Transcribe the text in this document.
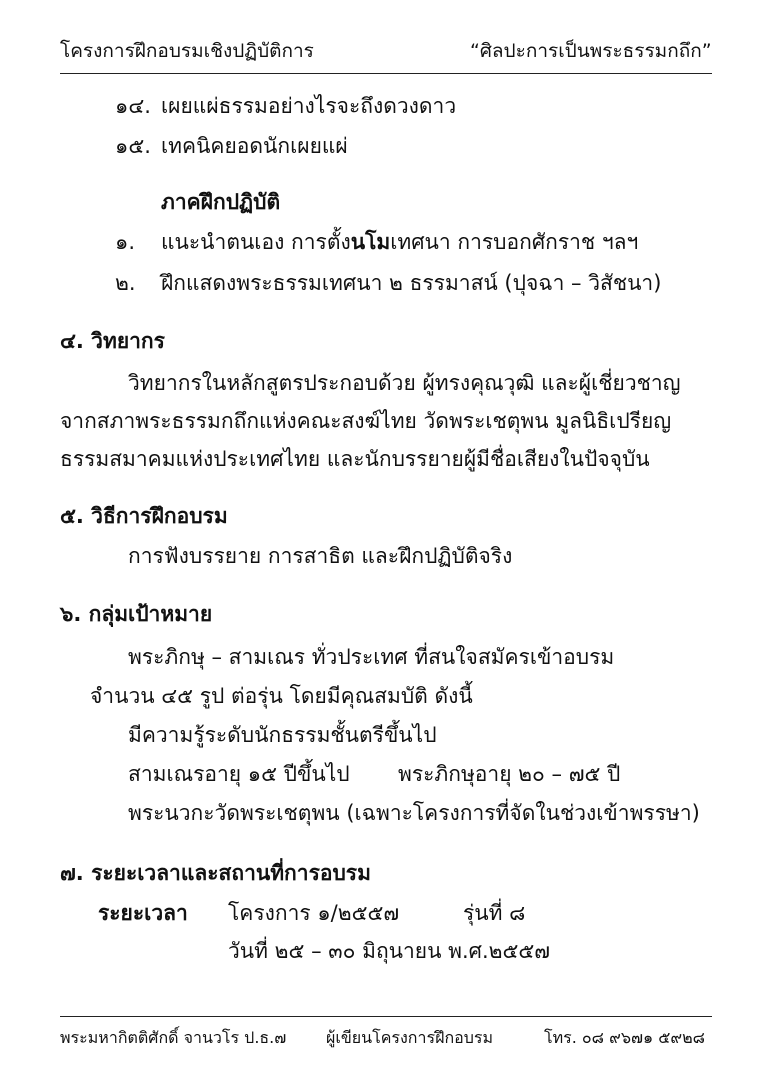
โครงการฝึกอบรมเชิงปฏิบัติการ	“ศิลปะการเป็นพระธรรมกถึก”
๑๔. เผยแผ่ธรรมอย่างไรจะถึงดวงดาว
๑๕. เทคนิคยอดนักเผยแผ่
ภาคฝึกปฏิบัติ
๑. แนะนำตนเอง การตั้งนโมเทศนา การบอกศักราช ฯลฯ
๒. ฝึกแสดงพระธรรมเทศนา ๒ ธรรมาสน์ (ปุจฉา – วิสัชนา)
๔. วิทยากร
วิทยากรในหลักสูตรประกอบด้วย ผู้ทรงคุณวุฒิ และผู้เชี่ยวชาญ
จากสภาพระธรรมกถึกแห่งคณะสงฆ์ไทย วัดพระเชตุพน มูลนิธิเปรียญ
ธรรมสมาคมแห่งประเทศไทย และนักบรรยายผู้มีชื่อเสียงในปัจจุบัน
๕. วิธีการฝึกอบรม
การฟังบรรยาย การสาธิต และฝึกปฏิบัติจริง
๖. กลุ่มเป้าหมาย
พระภิกษุ – สามเณร ทั่วประเทศ ที่สนใจสมัครเข้าอบรม
จำนวน ๔๕ รูป ต่อรุ่น โดยมีคุณสมบัติ ดังนี้
มีความรู้ระดับนักธรรมชั้นตรีขึ้นไป
สามเณรอายุ ๑๕ ปีขึ้นไป พระภิกษุอายุ ๒๐ – ๗๕ ปี
พระนวกะวัดพระเชตุพน (เฉพาะโครงการที่จัดในช่วงเข้าพรรษา)
๗. ระยะเวลาและสถานที่การอบรม
ระยะเวลา โครงการ ๑/๒๕๕๗	รุ่นที่ ๘
วันที่ ๒๕ – ๓๐ มิถุนายน พ.ศ.๒๕๕๗
พระมหากิตติศักดิ์ จานวโร ป.ธ.๗ ผู้เขียนโครงการฝึกอบรม	โทร. ๐๘ ๙๖๗๑ ๕๙๒๘
